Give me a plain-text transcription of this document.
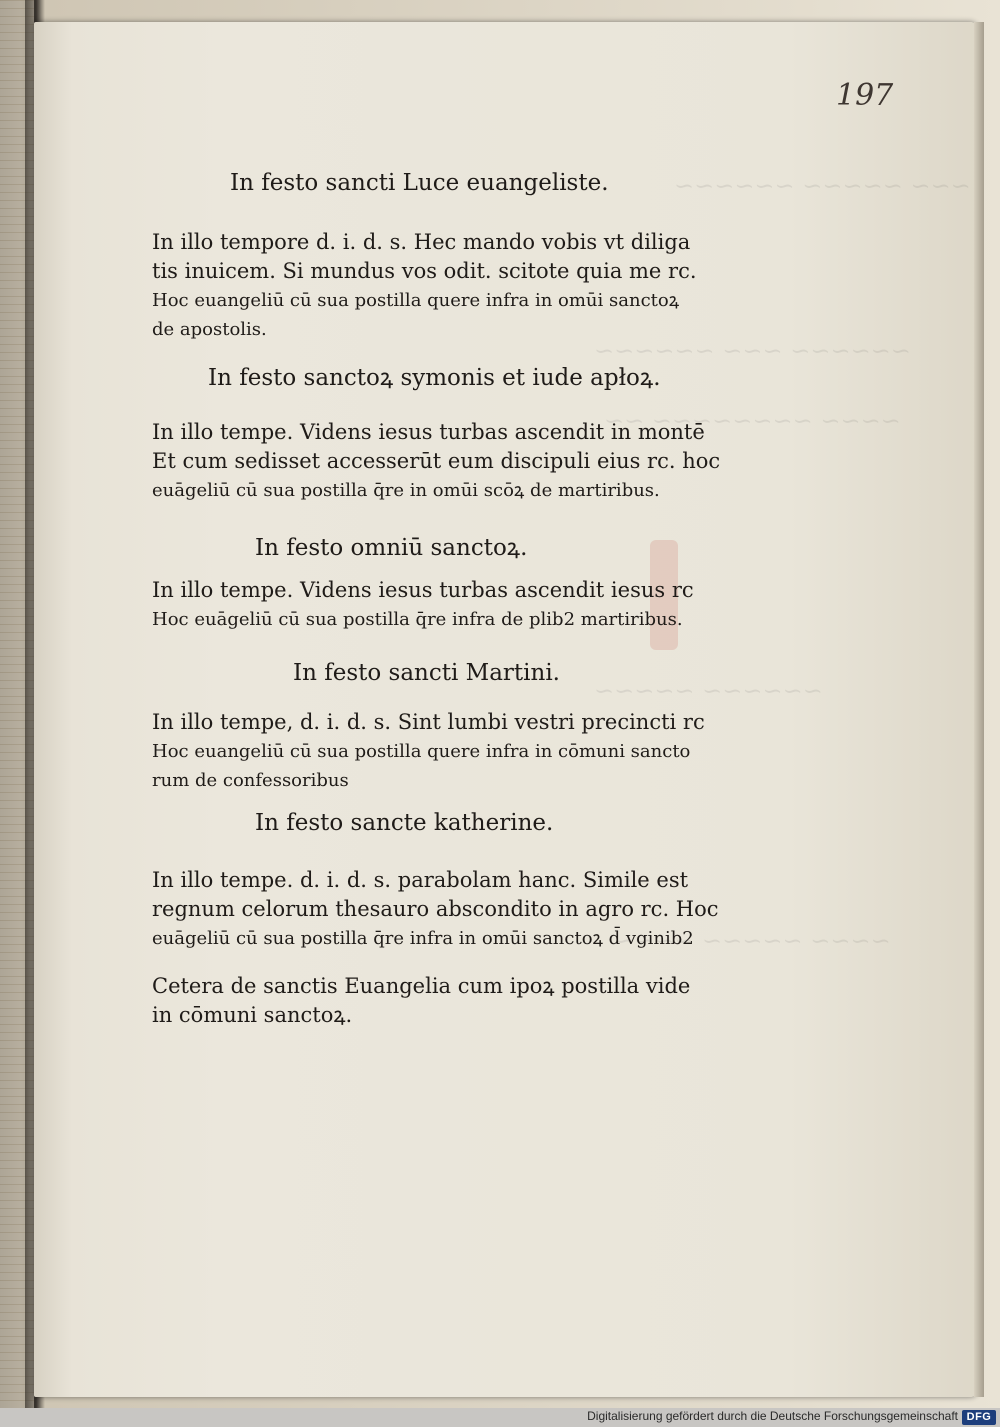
~~~ ~~~~~ ~~~~~~
~~~~~~ ~~~ ~~~~~~
~~~~ ~~~~~~~~ ~~
~~~~~~ ~~~~~
~~~~ ~~~~~ ~~~~
197
In festo sancti Luce euangeliste.
In illo tempore d. i. d. s. Hec mando vobis vt diliga
tis inuicem. Si mundus vos odit. scitote quia me rc.
Hoc euangeliū cū sua postilla quere infra in omūi sanctoꝝ
de apostolis.
In festo sanctoꝝ symonis et iude apłoꝝ.
In illo tempe. Videns iesus turbas ascendit in montē
Et cum sedisset accesserūt eum discipuli eius rc. hoc
euāgeliū cū sua postilla q̄re in omūi scōꝝ de martiribus.
In festo omniū sanctoꝝ.
In illo tempe. Videns iesus turbas ascendit iesus rc
Hoc euāgeliū cū sua postilla q̄re infra de plib2 martiribus.
In festo sancti Martini.
In illo tempe, d. i. d. s. Sint lumbi vestri precincti rc
Hoc euangeliū cū sua postilla quere infra in cōmuni sancto
rum de confessoribus
In festo sancte katherine.
In illo tempe. d. i. d. s. parabolam hanc. Simile est
regnum celorum thesauro abscondito in agro rc. Hoc
euāgeliū cū sua postilla q̄re infra in omūi sanctoꝝ d̄ vginib2
Cetera de sanctis Euangelia cum ipoꝝ postilla vide
in cōmuni sanctoꝝ.
Digitalisierung gefördert durch die Deutsche Forschungsgemeinschaft DFG
